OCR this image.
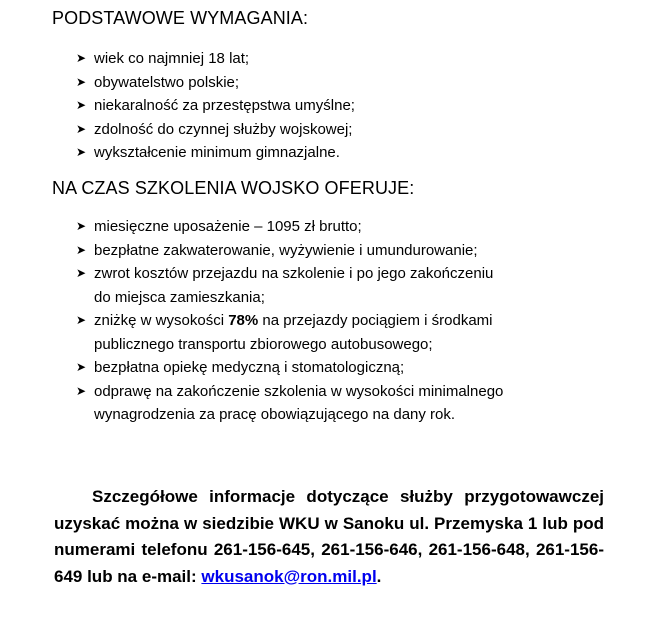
PODSTAWOWE WYMAGANIA:
➤ wiek co najmniej 18 lat;
➤ obywatelstwo polskie;
➤ niekaralność za przestępstwa umyślne;
➤ zdolność do czynnej służby wojskowej;
➤ wykształcenie minimum gimnazjalne.
NA CZAS SZKOLENIA WOJSKO OFERUJE:
➤ miesięczne uposażenie – 1095 zł brutto;
➤ bezpłatne zakwaterowanie, wyżywienie i umundurowanie;
➤ zwrot kosztów przejazdu na szkolenie i po jego zakończeniu
do miejsca zamieszkania;
➤ zniżkę w wysokości 78% na przejazdy pociągiem i środkami
publicznego transportu zbiorowego autobusowego;
➤ bezpłatna opiekę medyczną i stomatologiczną;
➤ odprawę na zakończenie szkolenia w wysokości minimalnego
wynagrodzenia za pracę obowiązującego na dany rok.
Szczegółowe informacje dotyczące służby przygotowawczej uzyskać można w siedzibie WKU w Sanoku ul. Przemyska 1 lub pod numerami telefonu 261-156-645, 261-156-646, 261-156-648, 261-156-649 lub na e-mail: wkusanok@ron.mil.pl.
